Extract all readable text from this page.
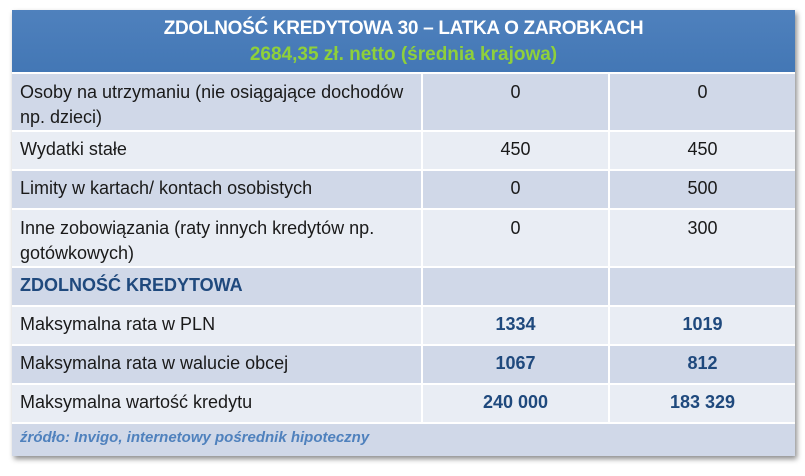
ZDOLNOŚĆ KREDYTOWA 30 – LATKA O ZAROBKACH
2684,35 zł. netto (średnia krajowa)
Osoby na utrzymaniu (nie osiągające dochodów np. dzieci)	0	0
Wydatki stałe	450	450
Limity w kartach/ kontach osobistych	0	500
Inne zobowiązania (raty innych kredytów np. gotówkowych)	0	300
ZDOLNOŚĆ KREDYTOWA		
Maksymalna rata w PLN	1334	1019
Maksymalna rata w walucie obcej	1067	812
Maksymalna wartość kredytu	240 000	183 329
źródło: Invigo, internetowy pośrednik hipoteczny
